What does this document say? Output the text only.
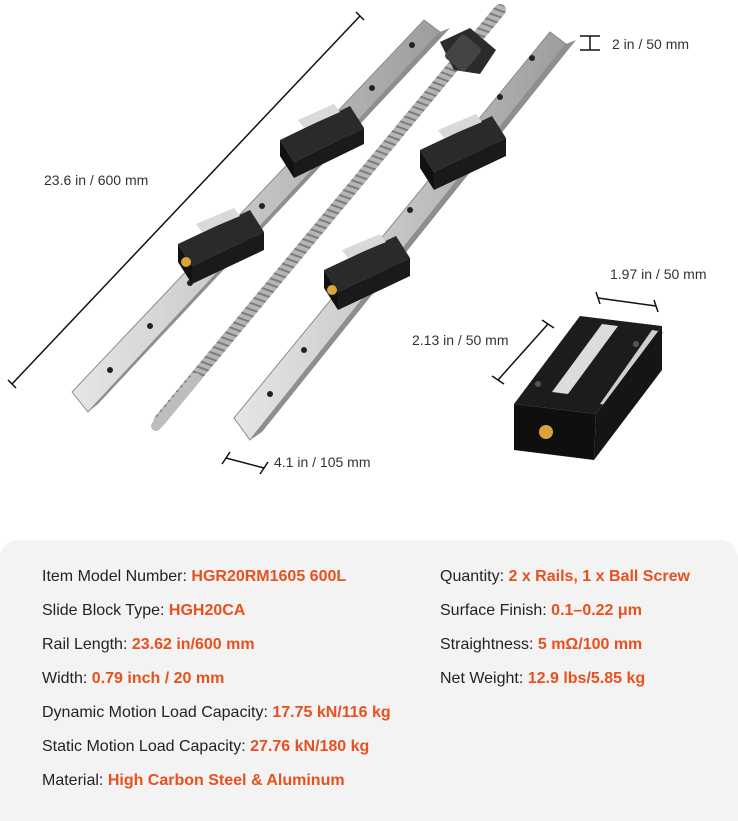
23.6 in / 600 mm
2 in / 50 mm
1.97 in / 50 mm
2.13 in / 50 mm
4.1 in / 105 mm
Item Model Number: HGR20RM1605 600L
Slide Block Type: HGH20CA
Rail Length: 23.62 in/600 mm
Width: 0.79 inch / 20 mm
Dynamic Motion Load Capacity: 17.75 kN/116 kg
Static Motion Load Capacity: 27.76 kN/180 kg
Material: High Carbon Steel & Aluminum
Quantity: 2 x Rails, 1 x Ball Screw
Surface Finish: 0.1–0.22 μm
Straightness: 5 mΩ/100 mm
Net Weight: 12.9 lbs/5.85 kg
